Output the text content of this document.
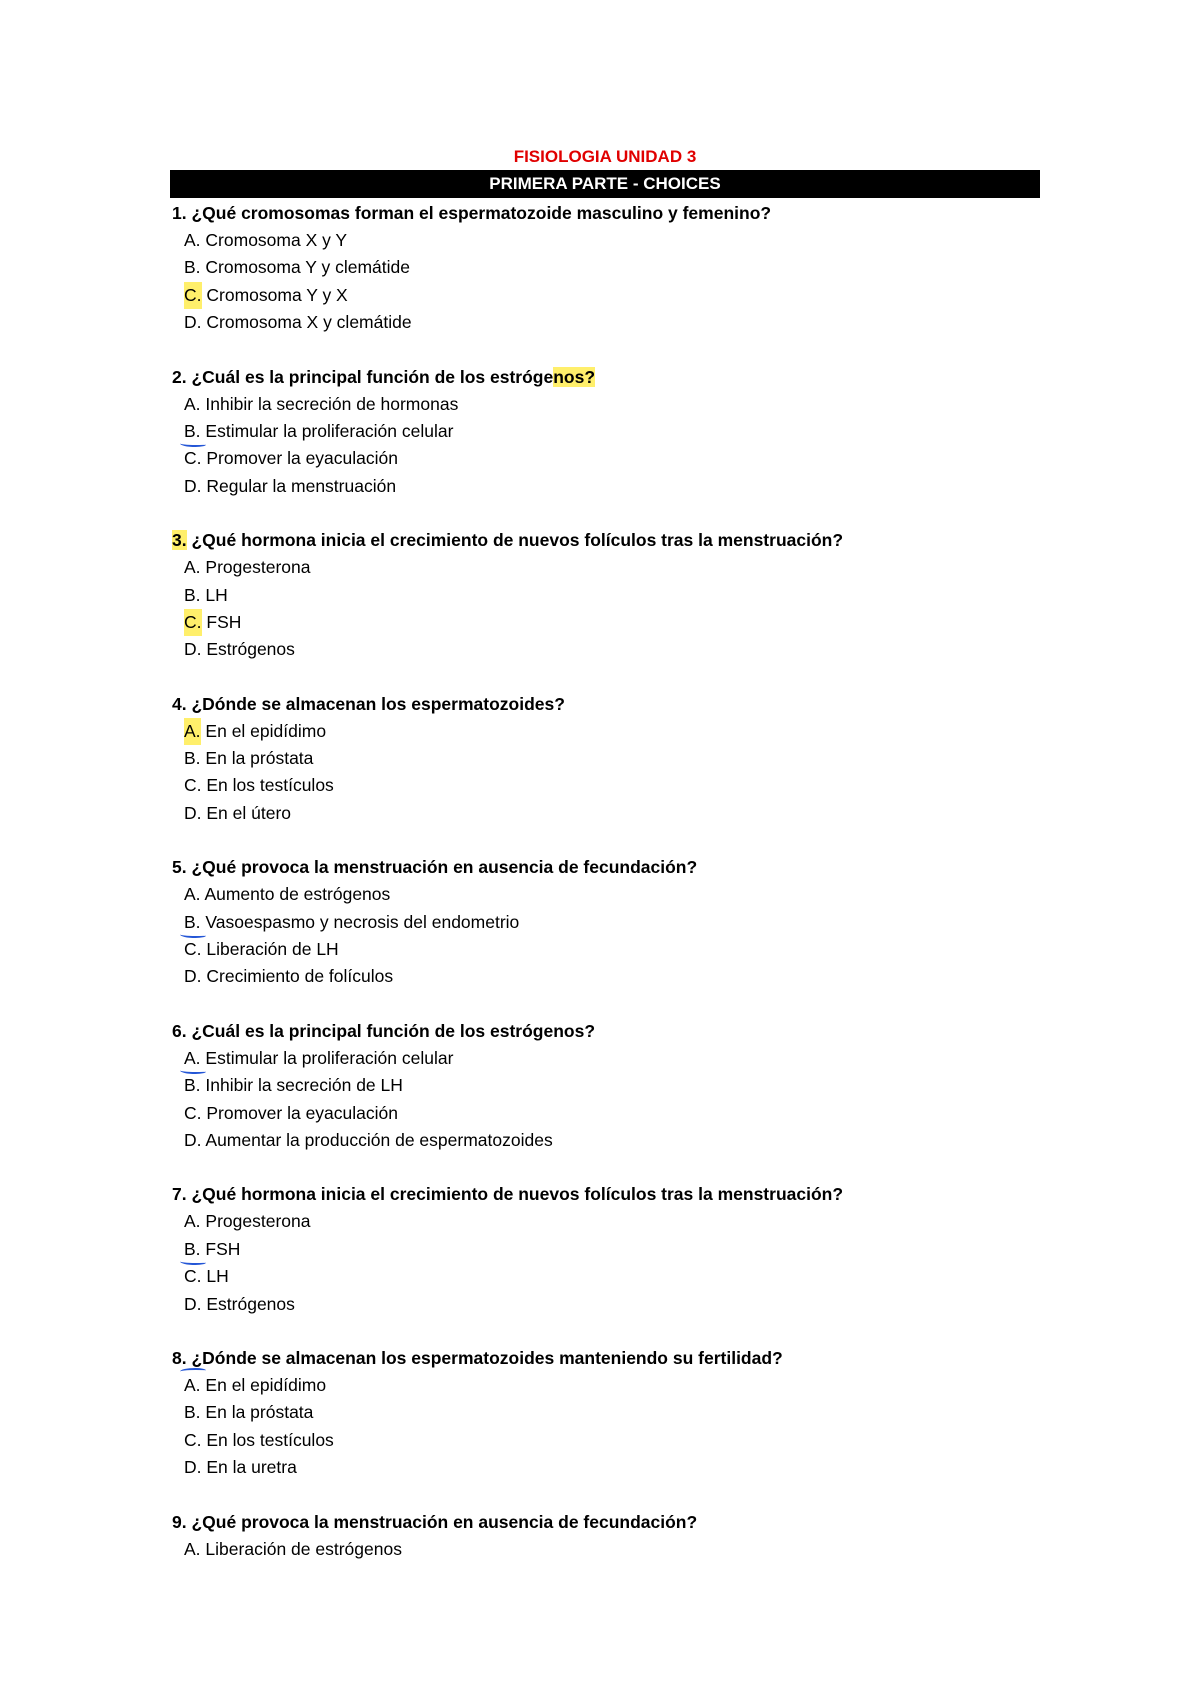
FISIOLOGIA UNIDAD 3
PRIMERA PARTE - CHOICES
1. ¿Qué cromosomas forman el espermatozoide masculino y femenino?
A. Cromosoma X y Y
B. Cromosoma Y y clemátide
C. Cromosoma Y y X
D. Cromosoma X y clemátide
2. ¿Cuál es la principal función de los estrógenos?
A. Inhibir la secreción de hormonas
B. Estimular la proliferación celular
C. Promover la eyaculación
D. Regular la menstruación
3. ¿Qué hormona inicia el crecimiento de nuevos folículos tras la menstruación?
A. Progesterona
B. LH
C. FSH
D. Estrógenos
4. ¿Dónde se almacenan los espermatozoides?
A. En el epidídimo
B. En la próstata
C. En los testículos
D. En el útero
5. ¿Qué provoca la menstruación en ausencia de fecundación?
A. Aumento de estrógenos
B. Vasoespasmo y necrosis del endometrio
C. Liberación de LH
D. Crecimiento de folículos
6. ¿Cuál es la principal función de los estrógenos?
A. Estimular la proliferación celular
B. Inhibir la secreción de LH
C. Promover la eyaculación
D. Aumentar la producción de espermatozoides
7. ¿Qué hormona inicia el crecimiento de nuevos folículos tras la menstruación?
A. Progesterona
B. FSH
C. LH
D. Estrógenos
8. ¿Dónde se almacenan los espermatozoides manteniendo su fertilidad?
A. En el epidídimo
B. En la próstata
C. En los testículos
D. En la uretra
9. ¿Qué provoca la menstruación en ausencia de fecundación?
A. Liberación de estrógenos
